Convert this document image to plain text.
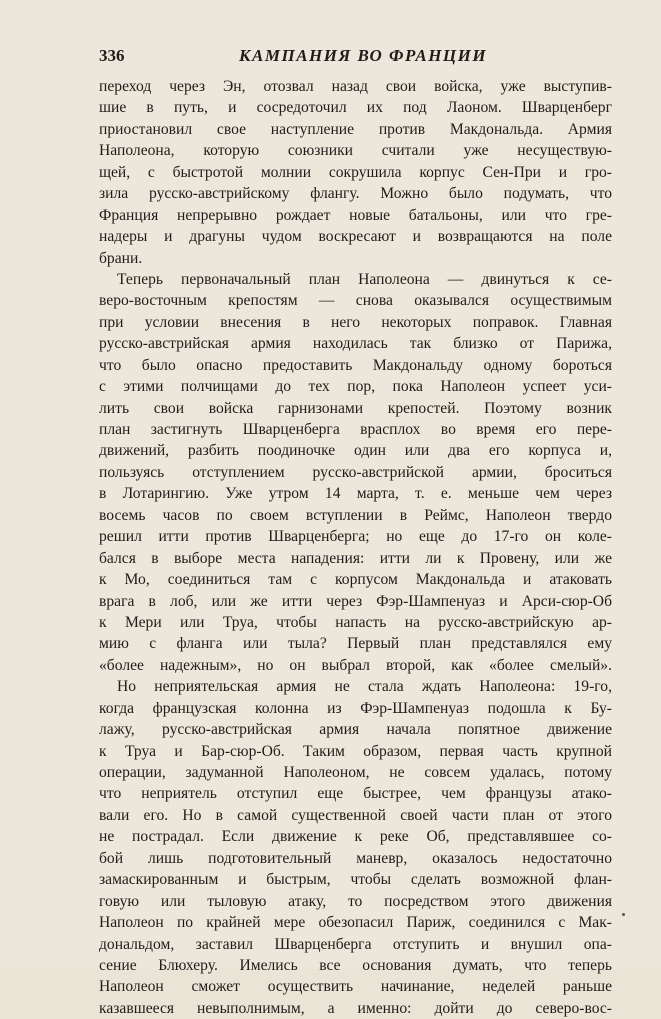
336	КАМПАНИЯ ВО ФРАНЦИИ
переход через Эн, отозвал назад свои войска, уже выступив-
шие в путь, и сосредоточил их под Лаоном. Шварценберг
приостановил свое наступление против Макдональда. Армия
Наполеона, которую союзники считали уже несуществую-
щей, с быстротой молнии сокрушила корпус Сен-При и гро-
зила русско-австрийскому флангу. Можно было подумать, что
Франция непрерывно рождает новые батальоны, или что гре-
надеры и драгуны чудом воскресают и возвращаются на поле
брани.
Теперь первоначальный план Наполеона — двинуться к се-
веро-восточным крепостям — снова оказывался осуществимым
при условии внесения в него некоторых поправок. Главная
русско-австрийская армия находилась так близко от Парижа,
что было опасно предоставить Макдональду одному бороться
с этими полчищами до тех пор, пока Наполеон успеет уси-
лить свои войска гарнизонами крепостей. Поэтому возник
план застигнуть Шварценберга врасплох во время его пере-
движений, разбить поодиночке один или два его корпуса и,
пользуясь отступлением русско-австрийской армии, броситься
в Лотарингию. Уже утром 14 марта, т. е. меньше чем через
восемь часов по своем вступлении в Реймс, Наполеон твердо
решил итти против Шварценберга; но еще до 17-го он коле-
бался в выборе места нападения: итти ли к Провену, или же
к Мо, соединиться там с корпусом Макдональда и атаковать
врага в лоб, или же итти через Фэр-Шампенуаз и Арси-сюр-Об
к Мери или Труа, чтобы напасть на русско-австрийскую ар-
мию с фланга или тыла? Первый план представлялся ему
«более надежным», но он выбрал второй, как «более смелый».
Но неприятельская армия не стала ждать Наполеона: 19-го,
когда французская колонна из Фэр-Шампенуаз подошла к Бу-
лажу, русско-австрийская армия начала попятное движение
к Труа и Бар-сюр-Об. Таким образом, первая часть крупной
операции, задуманной Наполеоном, не совсем удалась, потому
что неприятель отступил еще быстрее, чем французы атако-
вали его. Но в самой существенной своей части план от этого
не пострадал. Если движение к реке Об, представлявшее со-
бой лишь подготовительный маневр, оказалось недостаточно
замаскированным и быстрым, чтобы сделать возможной флан-
говую или тыловую атаку, то посредством этого движения
Наполеон по крайней мере обезопасил Париж, соединился с Мак-
дональдом, заставил Шварценберга отступить и внушил опа-
сение Блюхеру. Имелись все основания думать, что теперь
Наполеон сможет осуществить начинание, неделей раньше
казавшееся невыполнимым, а именно: дойти до северо-вос-
